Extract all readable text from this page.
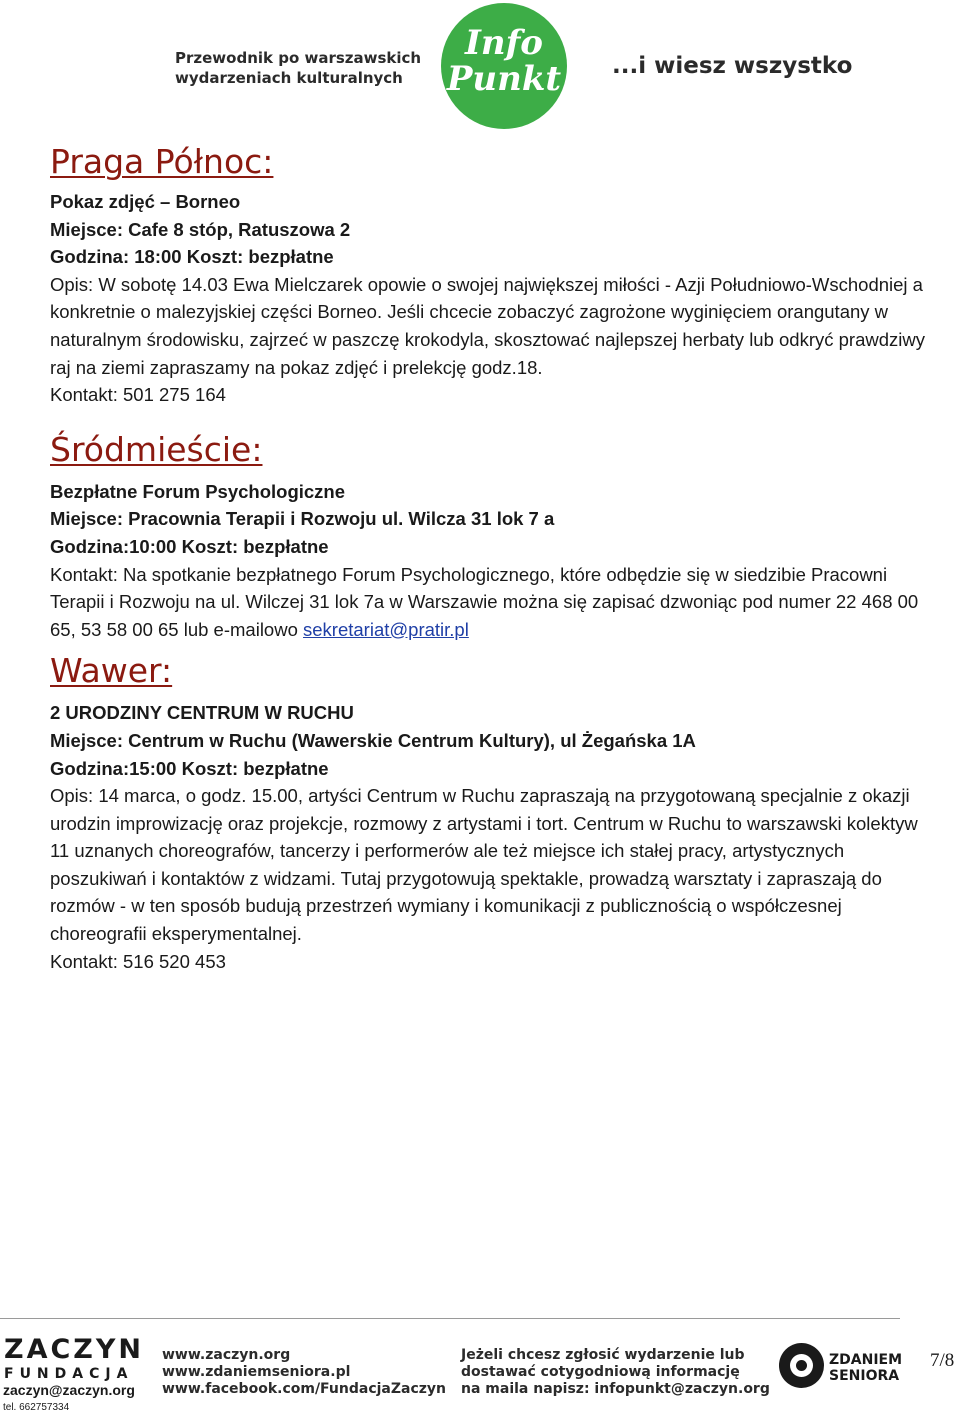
Przewodnik po warszawskich
wydarzeniach kulturalnych
Info
Punkt ...i wiesz wszystko
Praga Północ:
Pokaz zdjęć – Borneo
Miejsce: Cafe 8 stóp, Ratuszowa 2
Godzina: 18:00 Koszt: bezpłatne
Opis: W sobotę 14.03 Ewa Mielczarek opowie o swojej największej miłości - Azji Południowo-Wschodniej a konkretnie o malezyjskiej części Borneo. Jeśli chcecie zobaczyć zagrożone wyginięciem orangutany w naturalnym środowisku, zajrzeć w paszczę krokodyla, skosztować najlepszej herbaty lub odkryć prawdziwy raj na ziemi zapraszamy na pokaz zdjęć i prelekcję godz.18.
Kontakt: 501 275 164
Śródmieście:
Bezpłatne Forum Psychologiczne
Miejsce: Pracownia Terapii i Rozwoju ul. Wilcza 31 lok 7 a
Godzina:10:00 Koszt: bezpłatne
Kontakt: Na spotkanie bezpłatnego Forum Psychologicznego, które odbędzie się w siedzibie Pracowni Terapii i Rozwoju na ul. Wilczej 31 lok 7a w Warszawie można się zapisać dzwoniąc pod numer 22 468 00 65, 53 58 00 65 lub e-mailowo sekretariat@pratir.pl
Wawer:
2 URODZINY CENTRUM W RUCHU
Miejsce: Centrum w Ruchu (Wawerskie Centrum Kultury), ul Żegańska 1A
Godzina:15:00 Koszt: bezpłatne
Opis: 14 marca, o godz. 15.00, artyści Centrum w Ruchu zapraszają na przygotowaną specjalnie z okazji urodzin improwizację oraz projekcje, rozmowy z artystami i tort. Centrum w Ruchu to warszawski kolektyw 11 uznanych choreografów, tancerzy i performerów ale też miejsce ich stałej pracy, artystycznych poszukiwań i kontaktów z widzami. Tutaj przygotowują spektakle, prowadzą warsztaty i zapraszają do rozmów - w ten sposób budują przestrzeń wymiany i komunikacji z publicznością o współczesnej choreografii eksperymentalnej.
Kontakt: 516 520 453
ZACZYN
FUNDACJA
zaczyn@zaczyn.org
tel. 662757334
www.zaczyn.org
www.zdaniemseniora.pl
www.facebook.com/FundacjaZaczyn
Jeżeli chcesz zgłosić wydarzenie lub
dostawać cotygodniową informację
na maila napisz: infopunkt@zaczyn.org
ZDANIEM
SENIORA
7/8
